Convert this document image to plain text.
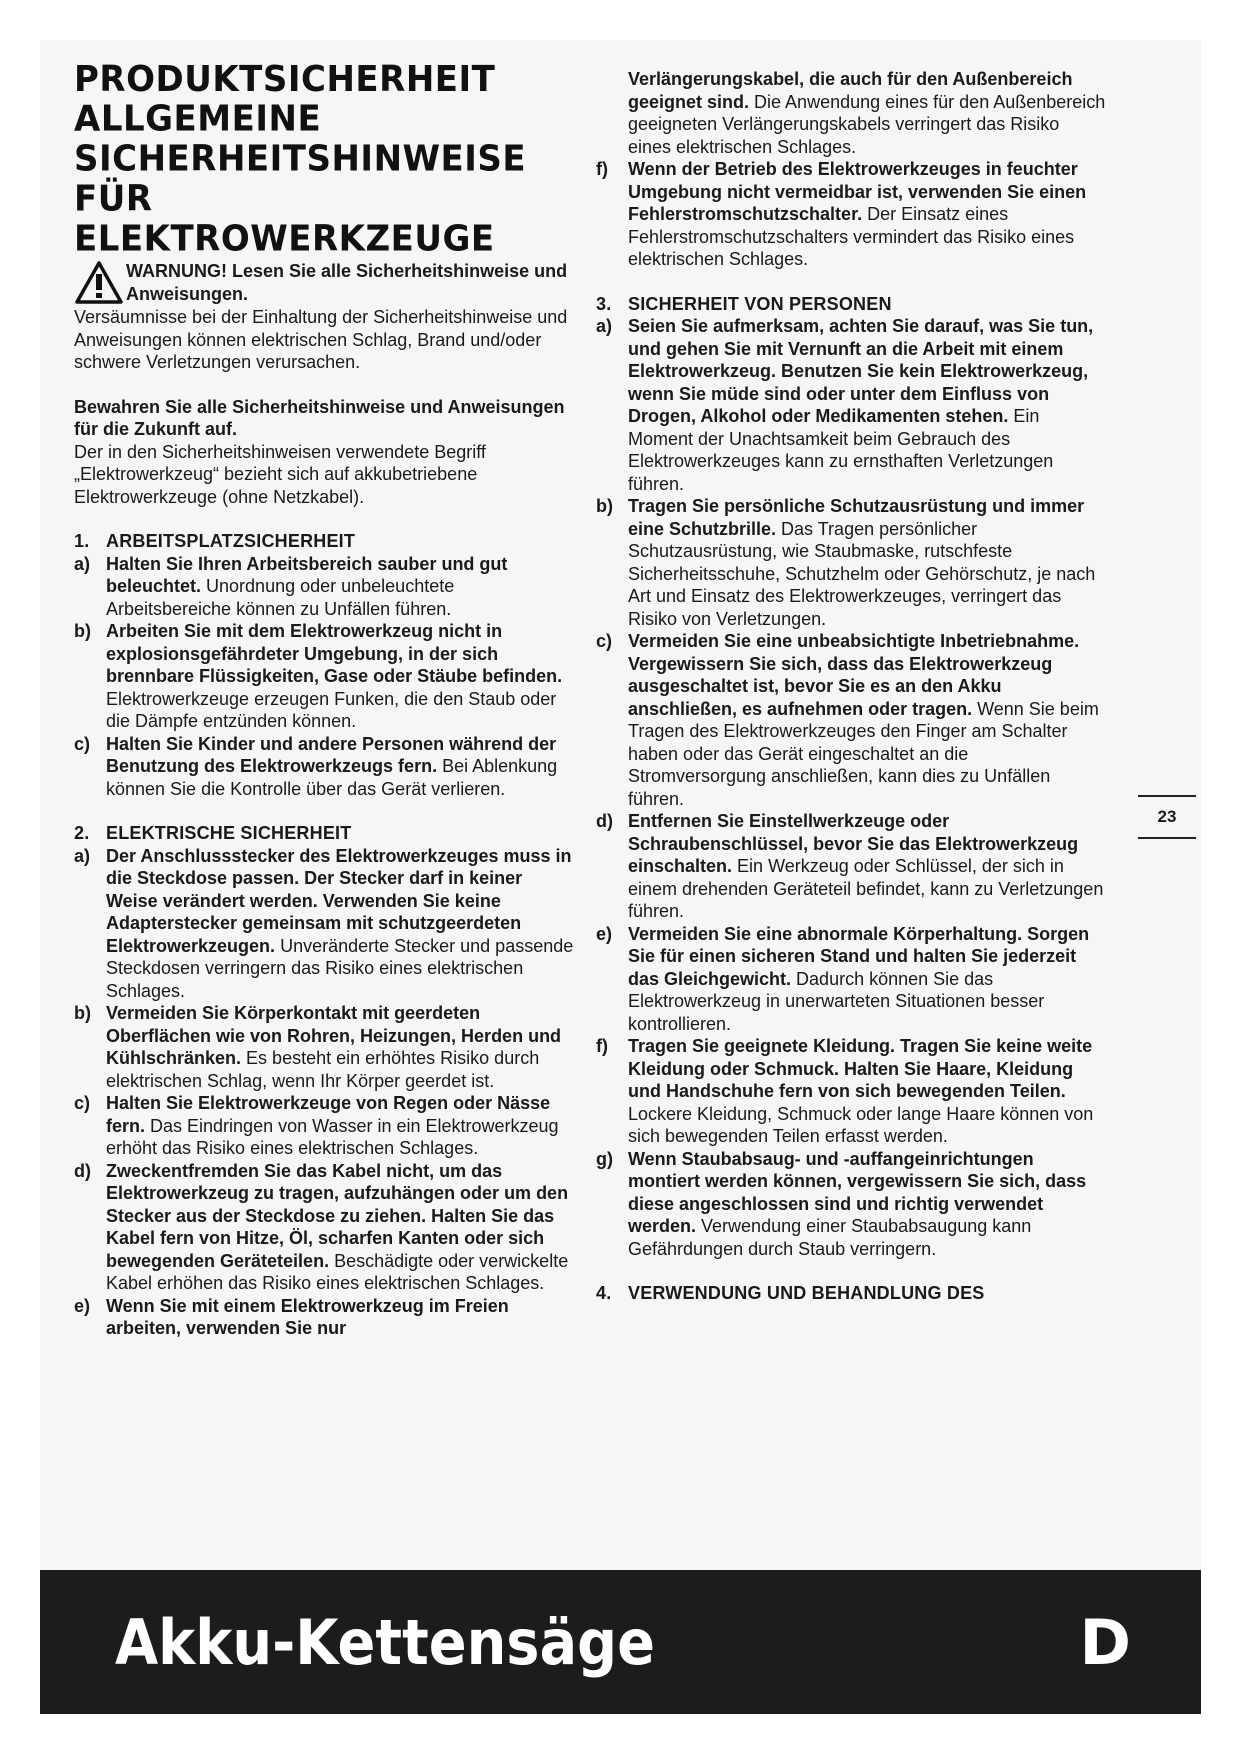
PRODUKTSICHERHEIT
ALLGEMEINE
SICHERHEITSHINWEISE
FÜR ELEKTROWERKZEUGE

WARNUNG! Lesen Sie alle Sicherheitshinweise und Anweisungen.

Versäumnisse bei der Einhaltung der Sicherheitshinweise und Anweisungen können elektrischen Schlag, Brand und/oder schwere Verletzungen verursachen.

Bewahren Sie alle Sicherheitshinweise und Anweisungen für die Zukunft auf.

Der in den Sicherheitshinweisen verwendete Begriff „Elektrowerkzeug“ bezieht sich auf akkubetriebene Elektrowerkzeuge (ohne Netzkabel).

1. ARBEITSPLATZSICHERHEIT
a) Halten Sie Ihren Arbeitsbereich sauber und gut beleuchtet. Unordnung oder unbeleuchtete Arbeitsbereiche können zu Unfällen führen.

b) Arbeiten Sie mit dem Elektrowerkzeug nicht in explosionsgefährdeter Umgebung, in der sich brennbare Flüssigkeiten, Gase oder Stäube befinden. Elektrowerkzeuge erzeugen Funken, die den Staub oder die Dämpfe entzünden können.

c) Halten Sie Kinder und andere Personen während der Benutzung des Elektrowerkzeugs fern. Bei Ablenkung können Sie die Kontrolle über das Gerät verlieren.

2. ELEKTRISCHE SICHERHEIT
a) Der Anschlussstecker des Elektrowerkzeuges muss in die Steckdose passen. Der Stecker darf in keiner Weise verändert werden. Verwenden Sie keine Adapterstecker gemeinsam mit schutzgeerdeten Elektrowerkzeugen. Unveränderte Stecker und passende Steckdosen verringern das Risiko eines elektrischen Schlages.

b) Vermeiden Sie Körperkontakt mit geerdeten Oberflächen wie von Rohren, Heizungen, Herden und Kühlschränken. Es besteht ein erhöhtes Risiko durch elektrischen Schlag, wenn Ihr Körper geerdet ist.

c) Halten Sie Elektrowerkzeuge von Regen oder Nässe fern. Das Eindringen von Wasser in ein Elektrowerkzeug erhöht das Risiko eines elektrischen Schlages.

d) Zweckentfremden Sie das Kabel nicht, um das Elektrowerkzeug zu tragen, aufzuhängen oder um den Stecker aus der Steckdose zu ziehen. Halten Sie das Kabel fern von Hitze, Öl, scharfen Kanten oder sich bewegenden Geräteteilen. Beschädigte oder verwickelte Kabel erhöhen das Risiko eines elektrischen Schlages.

e) Wenn Sie mit einem Elektrowerkzeug im Freien arbeiten, verwenden Sie nur

Verlängerungskabel, die auch für den Außenbereich geeignet sind. Die Anwendung eines für den Außenbereich geeigneten Verlängerungskabels verringert das Risiko eines elektrischen Schlages.

f)	Wenn der Betrieb des Elektrowerkzeuges in feuchter Umgebung nicht vermeidbar ist, verwenden Sie einen Fehlerstromschutzschalter. Der Einsatz eines Fehlerstromschutzschalters vermindert das Risiko eines elektrischen Schlages.

3. SICHERHEIT VON PERSONEN
a) Seien Sie aufmerksam, achten Sie darauf, was Sie tun, und gehen Sie mit Vernunft an die Arbeit mit einem Elektrowerkzeug. Benutzen Sie kein Elektrowerkzeug, wenn Sie müde sind oder unter dem Einfluss von Drogen, Alkohol oder Medikamenten stehen. Ein Moment der Unachtsamkeit beim Gebrauch des Elektrowerkzeuges kann zu ernsthaften Verletzungen führen.

b) Tragen Sie persönliche Schutzausrüstung und immer eine Schutzbrille. Das Tragen persönlicher Schutzausrüstung, wie Staubmaske, rutschfeste Sicherheitsschuhe, Schutzhelm oder Gehörschutz, je nach Art und Einsatz des Elektrowerkzeuges, verringert das Risiko von Verletzungen.

c) Vermeiden Sie eine unbeabsichtigte Inbetriebnahme. Vergewissern Sie sich, dass das Elektrowerkzeug ausgeschaltet ist, bevor Sie es an den Akku anschließen, es aufnehmen oder tragen. Wenn Sie beim Tragen des Elektrowerkzeuges den Finger am Schalter haben oder das Gerät eingeschaltet an die Stromversorgung anschließen, kann dies zu Unfällen führen.

d) Entfernen Sie Einstellwerkzeuge oder Schraubenschlüssel, bevor Sie das Elektrowerkzeug einschalten. Ein Werkzeug oder Schlüssel, der sich in einem drehenden Geräteteil befindet, kann zu Verletzungen führen.

e) Vermeiden Sie eine abnormale Körperhaltung. Sorgen Sie für einen sicheren Stand und halten Sie jederzeit das Gleichgewicht. Dadurch können Sie das Elektrowerkzeug in unerwarteten Situationen besser kontrollieren.

f)	Tragen Sie geeignete Kleidung. Tragen Sie keine weite Kleidung oder Schmuck. Halten Sie Haare, Kleidung und Handschuhe fern von sich bewegenden Teilen. Lockere Kleidung, Schmuck oder lange Haare können von sich bewegenden Teilen erfasst werden.

g) Wenn Staubabsaug- und -auffangeinrichtungen montiert werden können, vergewissern Sie sich, dass diese angeschlossen sind und richtig verwendet werden. Verwendung einer Staubabsaugung kann Gefährdungen durch Staub verringern.

4. VERWENDUNG UND BEHANDLUNG DES
23
Akku-Kettensäge	D
